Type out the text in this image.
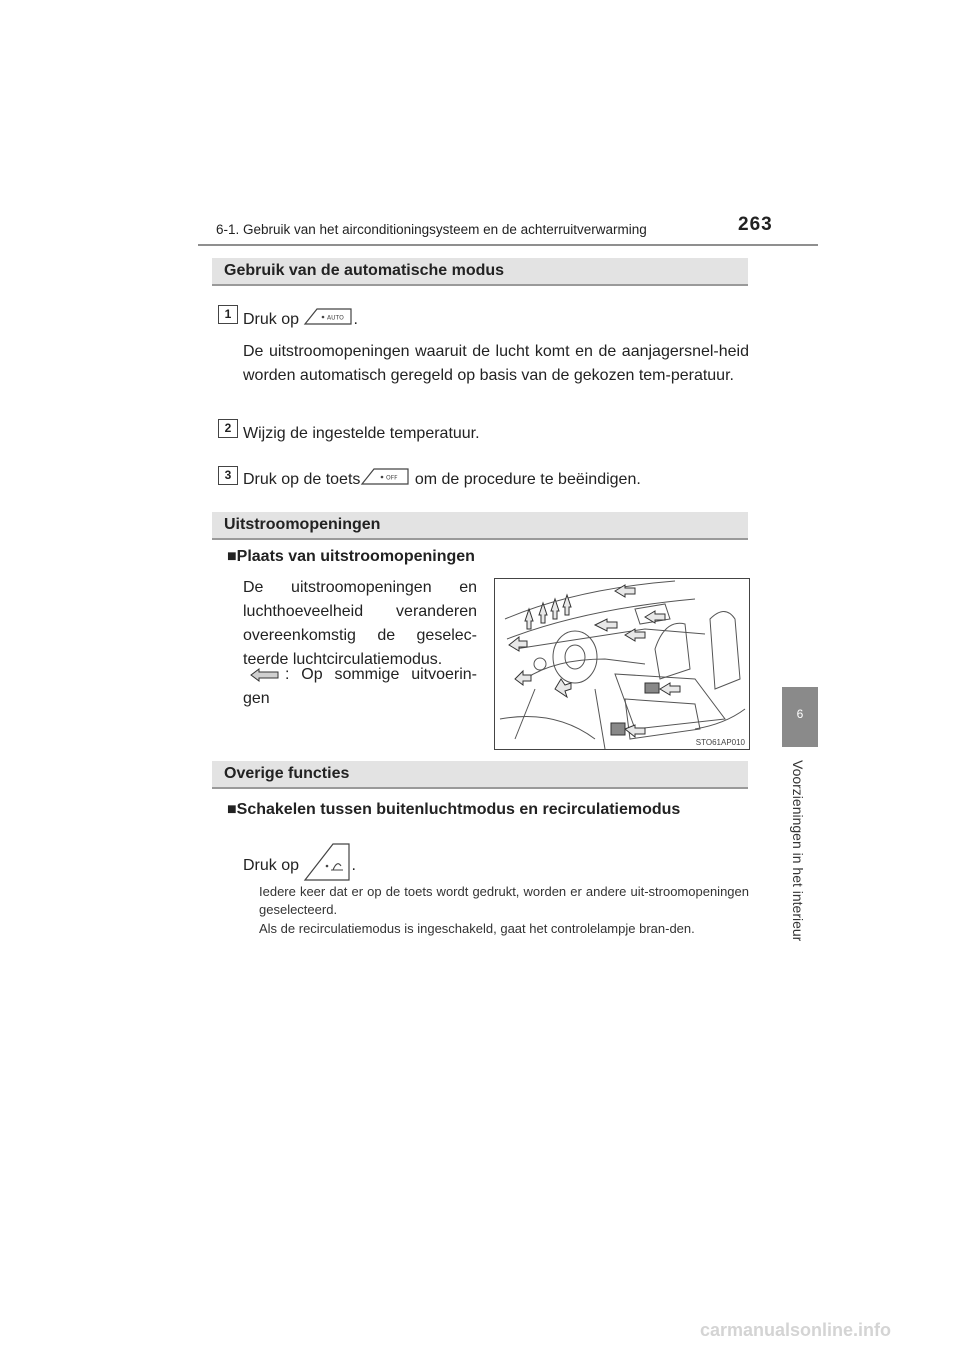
6-1. Gebruik van het airconditioningsysteem en de achterruitverwarming	263
6
Voorzieningen in het interieur
Gebruik van de automatische modus
1 Druk op	AUTO .
De uitstroomopeningen waaruit de lucht komt en de aanjagersnel-heid worden automatisch geregeld op basis van de gekozen tem-peratuur.
2 Wijzig de ingestelde temperatuur.
3 Druk op de toets	OFF om de procedure te beëindigen.
Uitstroomopeningen
■Plaats van uitstroomopeningen
De uitstroomopeningen en luchthoeveelheid veranderen overeenkomstig de geselec-teerde luchtcirculatiemodus.
: Op sommige uitvoerin-gen
STO61AP010
Overige functies
■Schakelen tussen buitenluchtmodus en recirculatiemodus
Druk op	.
Iedere keer dat er op de toets wordt gedrukt, worden er andere uit-stroomopeningen geselecteerd.
Als de recirculatiemodus is ingeschakeld, gaat het controlelampje bran-den.
carmanualsonline.info
